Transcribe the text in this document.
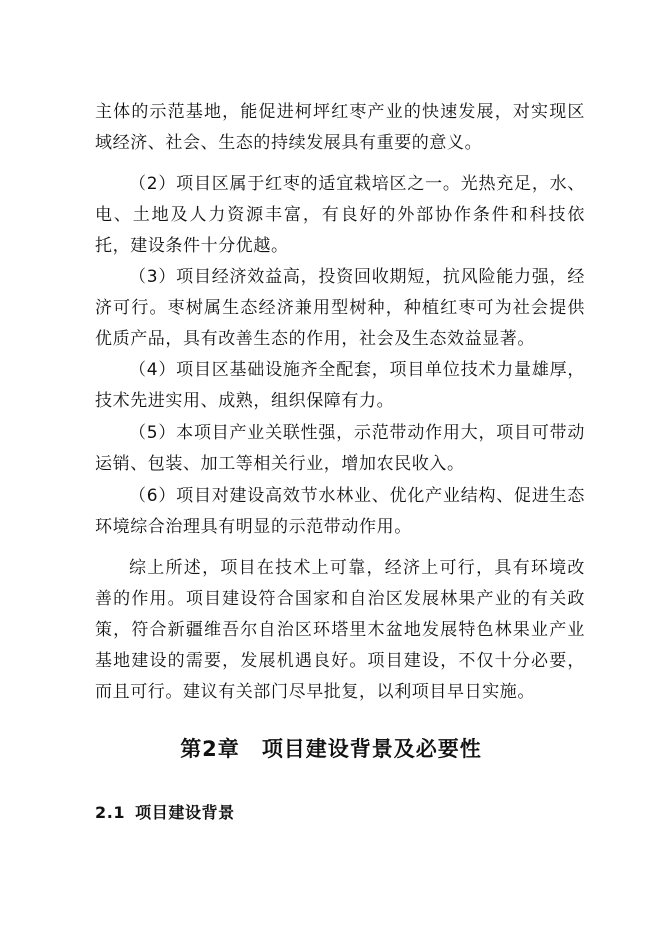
主体的示范基地，能促进柯坪红枣产业的快速发展，对实现区域经济、社会、生态的持续发展具有重要的意义。

（2）项目区属于红枣的适宜栽培区之一。光热充足，水、电、土地及人力资源丰富，有良好的外部协作条件和科技依托，建设条件十分优越。

（3）项目经济效益高，投资回收期短，抗风险能力强，经济可行。枣树属生态经济兼用型树种，种植红枣可为社会提供优质产品，具有改善生态的作用，社会及生态效益显著。

（4）项目区基础设施齐全配套，项目单位技术力量雄厚，技术先进实用、成熟，组织保障有力。

（5）本项目产业关联性强，示范带动作用大，项目可带动运销、包装、加工等相关行业，增加农民收入。

（6）项目对建设高效节水林业、优化产业结构、促进生态环境综合治理具有明显的示范带动作用。

综上所述，项目在技术上可靠，经济上可行，具有环境改善的作用。项目建设符合国家和自治区发展林果产业的有关政策，符合新疆维吾尔自治区环塔里木盆地发展特色林果业产业基地建设的需要，发展机遇良好。项目建设，不仅十分必要，而且可行。建议有关部门尽早批复，以利项目早日实施。

第2章 项目建设背景及必要性
2.1 项目建设背景
